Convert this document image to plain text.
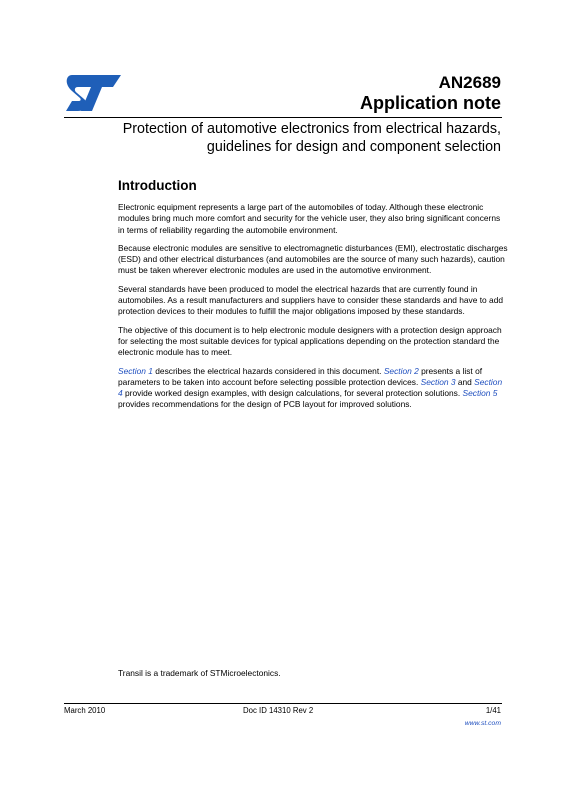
AN2689
Application note
Protection of automotive electronics from electrical hazards,
guidelines for design and component selection
Introduction

Electronic equipment represents a large part of the automobiles of today. Although these electronic modules bring much more comfort and security for the vehicle user, they also bring significant concerns in terms of reliability regarding the automobile environment.

Because electronic modules are sensitive to electromagnetic disturbances (EMI), electrostatic discharges (ESD) and other electrical disturbances (and automobiles are the source of many such hazards), caution must be taken wherever electronic modules are used in the automotive environment.

Several standards have been produced to model the electrical hazards that are currently found in automobiles. As a result manufacturers and suppliers have to consider these standards and have to add protection devices to their modules to fulfill the major obligations imposed by these standards.

The objective of this document is to help electronic module designers with a protection design approach for selecting the most suitable devices for typical applications depending on the protection standard the electronic module has to meet.

Section 1 describes the electrical hazards considered in this document. Section 2 presents a list of parameters to be taken into account before selecting possible protection devices. Section 3 and Section 4 provide worked design examples, with design calculations, for several protection solutions. Section 5 provides recommendations for the design of PCB layout for improved solutions.

Transil is a trademark of STMicroelectonics.
March 2010	Doc ID 14310 Rev 2	1/41
www.st.com
